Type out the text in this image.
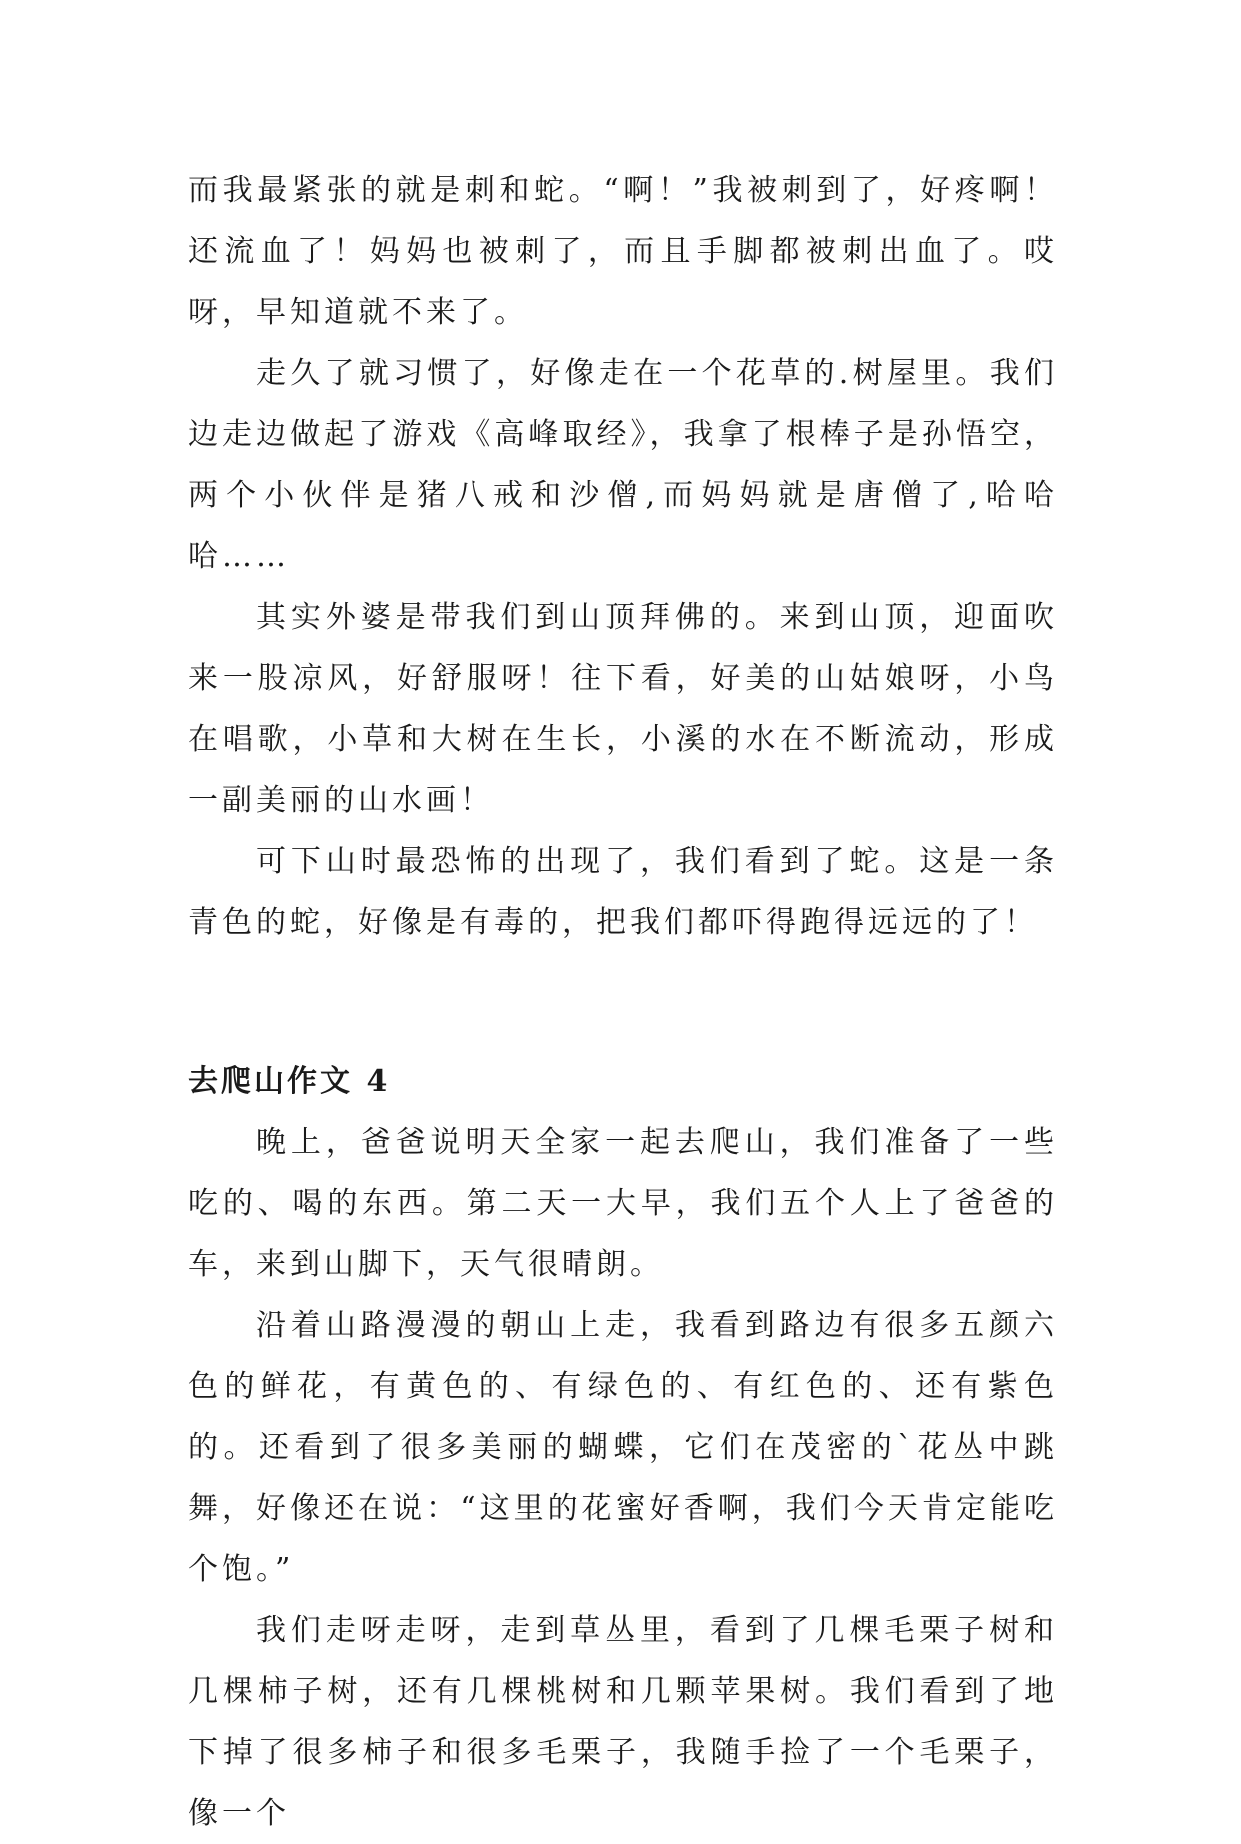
而我最紧张的就是刺和蛇。“啊！”我被刺到了，好疼啊！还流血了！妈妈也被刺了，而且手脚都被刺出血了。哎呀，早知道就不来了。

走久了就习惯了，好像走在一个花草的.树屋里。我们边走边做起了游戏《高峰取经》，我拿了根棒子是孙悟空，两个小伙伴是猪八戒和沙僧,而妈妈就是唐僧了,哈哈哈……

其实外婆是带我们到山顶拜佛的。来到山顶，迎面吹来一股凉风，好舒服呀！往下看，好美的山姑娘呀，小鸟在唱歌，小草和大树在生长，小溪的水在不断流动，形成一副美丽的山水画！

可下山时最恐怖的出现了，我们看到了蛇。这是一条青色的蛇，好像是有毒的，把我们都吓得跑得远远的了！

去爬山作文 4

晚上，爸爸说明天全家一起去爬山，我们准备了一些吃的、喝的东西。第二天一大早，我们五个人上了爸爸的车，来到山脚下，天气很晴朗。

沿着山路漫漫的朝山上走，我看到路边有很多五颜六色的鲜花，有黄色的、有绿色的、有红色的、还有紫色的。还看到了很多美丽的蝴蝶，它们在茂密的`花丛中跳舞，好像还在说：“这里的花蜜好香啊，我们今天肯定能吃个饱。”

我们走呀走呀，走到草丛里，看到了几棵毛栗子树和几棵柿子树，还有几棵桃树和几颗苹果树。我们看到了地下掉了很多柿子和很多毛栗子，我随手捡了一个毛栗子，像一个
